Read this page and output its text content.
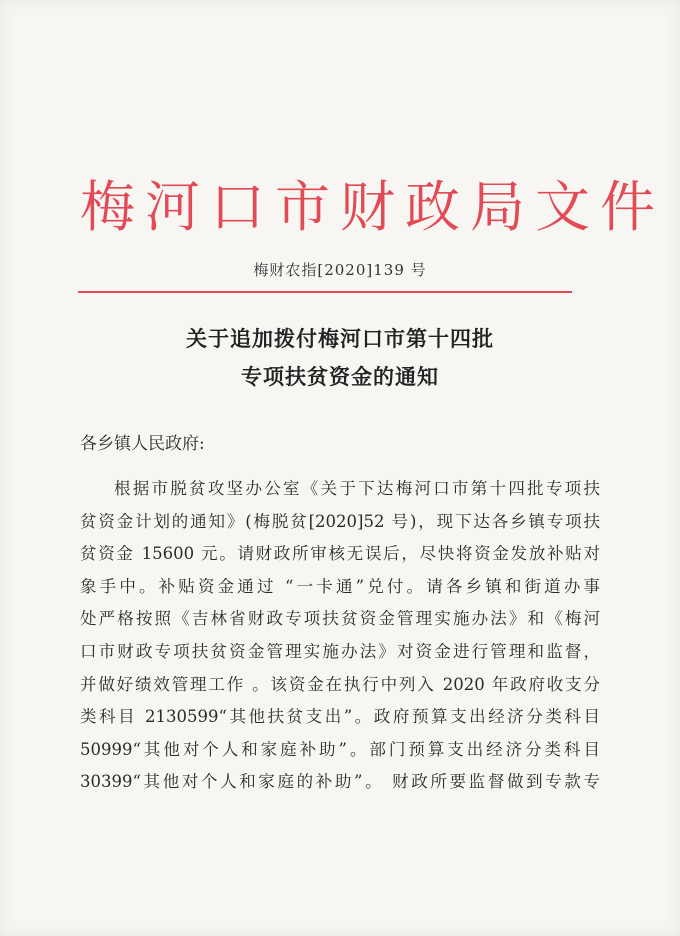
梅河口市财政局文件
梅财农指[2020]139 号
关于追加拨付梅河口市第十四批
专项扶贫资金的通知
各乡镇人民政府:
根据市脱贫攻坚办公室《关于下达梅河口市第十四批专项扶
贫资金计划的通知》(梅脱贫[2020]52 号)，现下达各乡镇专项扶
贫资金 15600 元。请财政所审核无误后，尽快将资金发放补贴对
象手中。补贴资金通过 “一卡通”兑付。请各乡镇和街道办事
处严格按照《吉林省财政专项扶贫资金管理实施办法》和《梅河
口市财政专项扶贫资金管理实施办法》对资金进行管理和监督，
并做好绩效管理工作 。该资金在执行中列入 2020 年政府收支分
类科目 2130599“其他扶贫支出”。政府预算支出经济分类科目
50999“其他对个人和家庭补助”。部门预算支出经济分类科目
30399“其他对个人和家庭的补助”。 财政所要监督做到专款专
